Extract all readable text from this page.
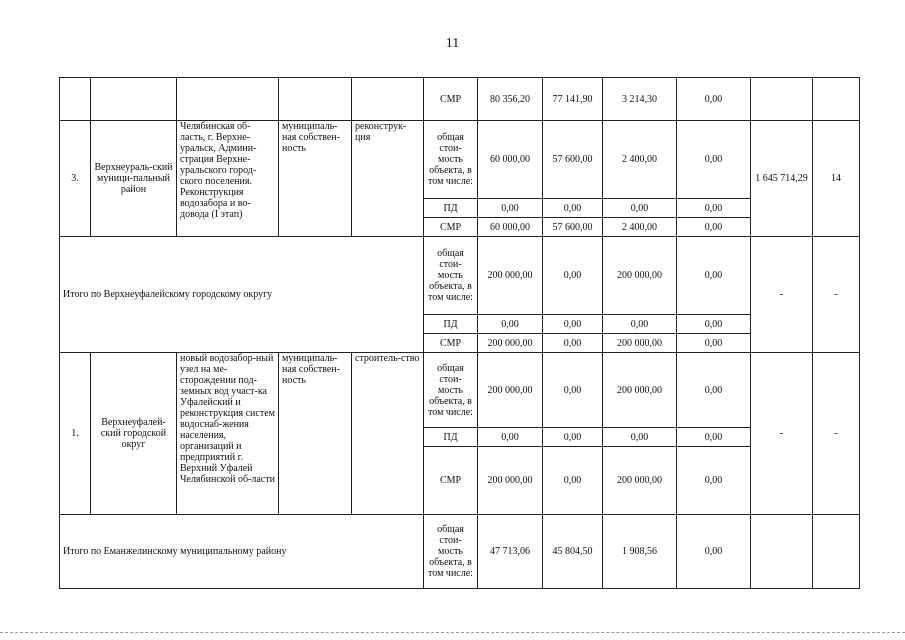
11
					СМР	80 356,20	77 141,90	3 214,30	0,00		
3.	Верхнеураль-ский муници-пальный район	Челябинская об-ласть, г. Верхне-уральск, Админи-страция Верхне-уральского город-ского поселения. Реконструкция водозабора и во-довода (I этап)	муниципаль-ная собствен-ность	реконструк-ция	общая стои-мость объекта, в том числе:	60 000,00	57 600,00	2 400,00	0,00	1 645 714,29	14
					ПД	0,00	0,00	0,00	0,00		
					СМР	60 000,00	57 600,00	2 400,00	0,00		
Итого по Верхнеуфалейскому городскому округу					общая стои-мость объекта, в том числе:	200 000,00	0,00	200 000,00	0,00	-	-
					ПД	0,00	0,00	0,00	0,00		
					СМР	200 000,00	0,00	200 000,00	0,00		
1.	Верхнеуфалей-ский городской округ	новый водозабор-ный узел на ме-сторождении под-земных вод участ-ка Уфалейский и реконструкция систем водоснаб-жения населения, организаций и предприятий г. Верхний Уфалей Челябинской об-ласти	муниципаль-ная собствен-ность	строитель-ство	общая стои-мость объекта, в том числе:	200 000,00	0,00	200 000,00	0,00	-	-
					ПД	0,00	0,00	0,00	0,00		
					СМР	200 000,00	0,00	200 000,00	0,00		
Итого по Еманжелинскому муниципальному району					общая стои-мость объекта, в том числе:	47 713,06	45 804,50	1 908,56	0,00		
